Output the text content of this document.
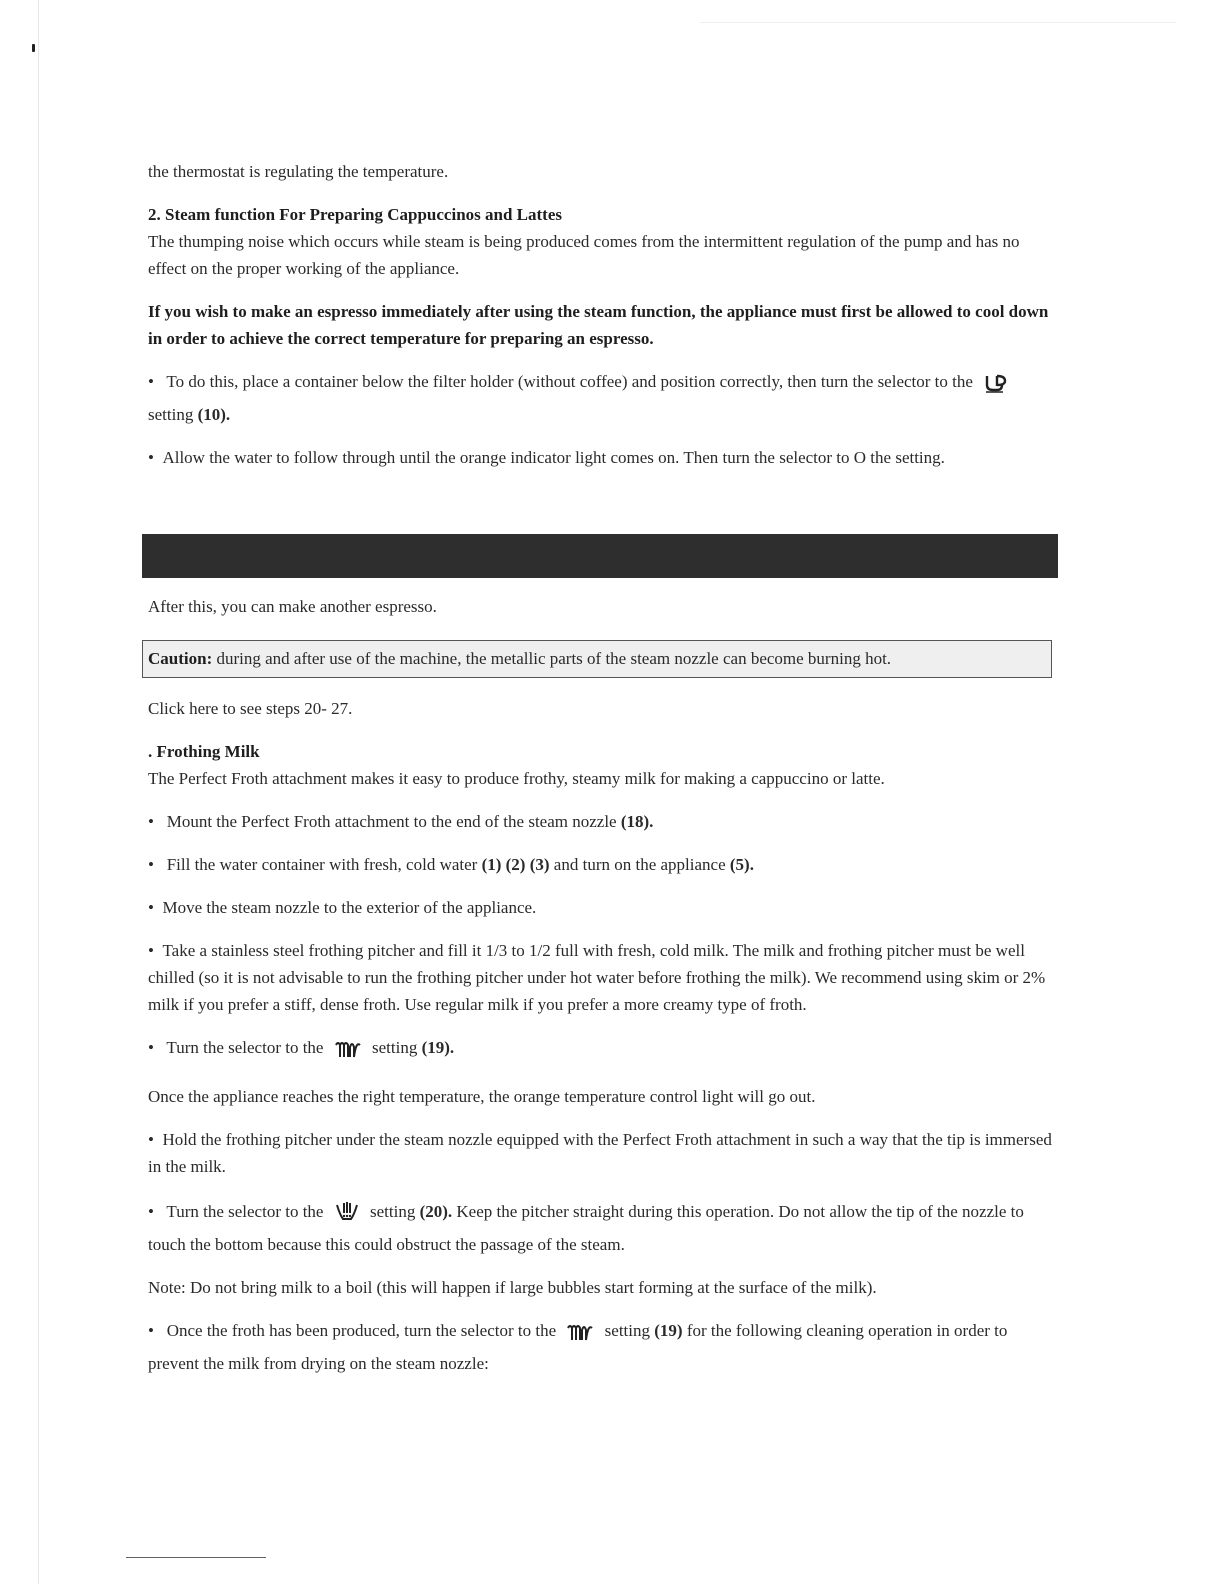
the thermostat is regulating the temperature.

2. Steam function For Preparing Cappuccinos and Lattes

The thumping noise which occurs while steam is being produced comes from the intermittent regulation of the pump and has no effect on the proper working of the appliance.

If you wish to make an espresso immediately after using the steam function, the appliance must first be allowed to cool down in order to achieve the correct temperature for preparing an espresso.

•  To do this, place a container below the filter holder (without coffee) and position correctly, then turn the selector to the  setting (10).

•  Allow the water to follow through until the orange indicator light comes on. Then turn the selector to O the setting.

After this, you can make another espresso.

Caution: during and after use of the machine, the metallic parts of the steam nozzle can become burning hot.

Click here to see steps 20- 27.

. Frothing Milk

The Perfect Froth attachment makes it easy to produce frothy, steamy milk for making a cappuccino or latte.

•  Mount the Perfect Froth attachment to the end of the steam nozzle (18).

•  Fill the water container with fresh, cold water (1) (2) (3) and turn on the appliance (5).

•  Move the steam nozzle to the exterior of the appliance.

•  Take a stainless steel frothing pitcher and fill it 1/3 to 1/2 full with fresh, cold milk. The milk and frothing pitcher must be well chilled (so it is not advisable to run the frothing pitcher under hot water before frothing the milk). We recommend using skim or 2% milk if you prefer a stiff, dense froth. Use regular milk if you prefer a more creamy type of froth.

•  Turn the selector to the	setting (19).

Once the appliance reaches the right temperature, the orange temperature control light will go out.

•  Hold the frothing pitcher under the steam nozzle equipped with the Perfect Froth attachment in such a way that the tip is immersed in the milk.

•  Turn the selector to the	setting (20). Keep the pitcher straight during this operation. Do not allow the tip of the nozzle to touch the bottom because this could obstruct the passage of the steam.

Note: Do not bring milk to a boil (this will happen if large bubbles start forming at the surface of the milk).

•  Once the froth has been produced, turn the selector to the	setting (19) for the following cleaning operation in order to prevent the milk from drying on the steam nozzle:
